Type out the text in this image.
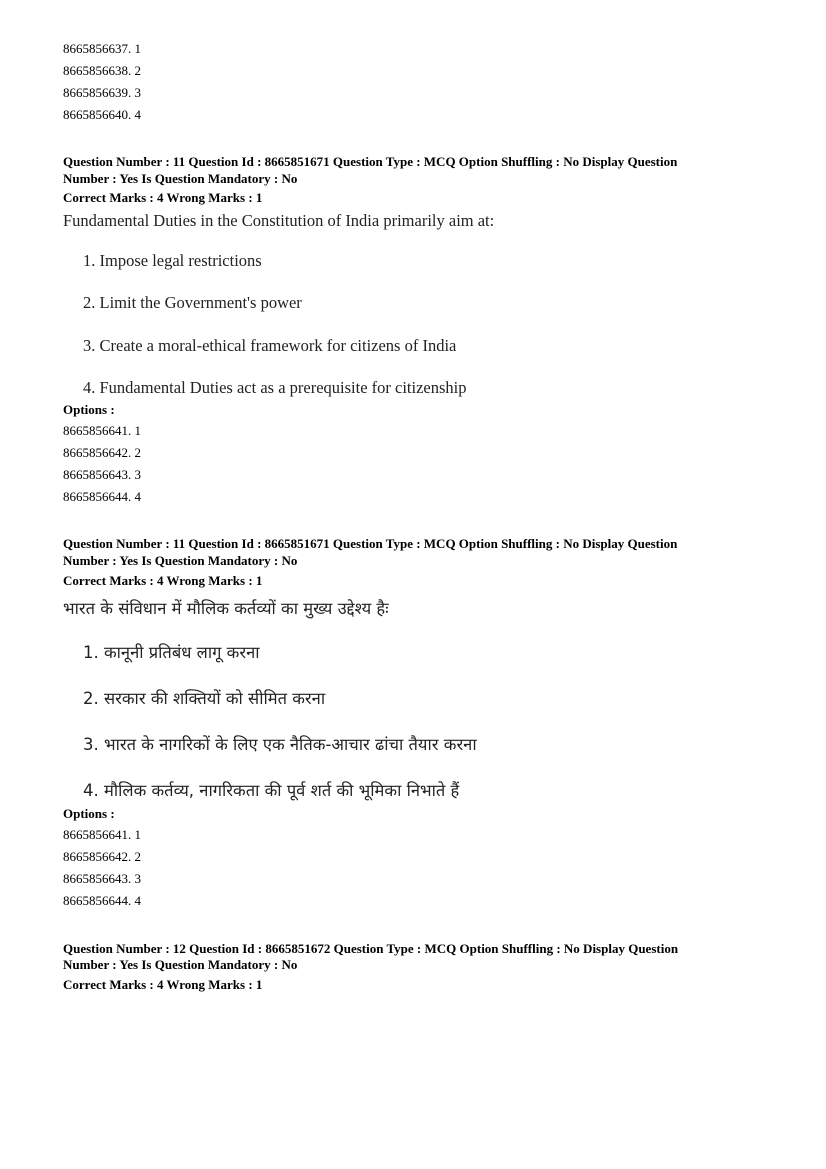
8665856637. 1
8665856638. 2
8665856639. 3
8665856640. 4
Question Number : 11 Question Id : 8665851671 Question Type : MCQ Option Shuffling : No Display Question
Number : Yes Is Question Mandatory : No
Correct Marks : 4 Wrong Marks : 1
Fundamental Duties in the Constitution of India primarily aim at:
1. Impose legal restrictions
2. Limit the Government's power
3. Create a moral-ethical framework for citizens of India
4. Fundamental Duties act as a prerequisite for citizenship
Options :
8665856641. 1
8665856642. 2
8665856643. 3
8665856644. 4
Question Number : 11 Question Id : 8665851671 Question Type : MCQ Option Shuffling : No Display Question
Number : Yes Is Question Mandatory : No
Correct Marks : 4 Wrong Marks : 1
भारत के संविधान में मौलिक कर्तव्यों का मुख्य उद्देश्य हैः
1. कानूनी प्रतिबंध लागू करना
2. सरकार की शक्तियों को सीमित करना
3. भारत के नागरिकों के लिए एक नैतिक-आचार ढांचा तैयार करना
4. मौलिक कर्तव्य, नागरिकता की पूर्व शर्त की भूमिका निभाते हैं
Options :
8665856641. 1
8665856642. 2
8665856643. 3
8665856644. 4
Question Number : 12 Question Id : 8665851672 Question Type : MCQ Option Shuffling : No Display Question
Number : Yes Is Question Mandatory : No
Correct Marks : 4 Wrong Marks : 1
